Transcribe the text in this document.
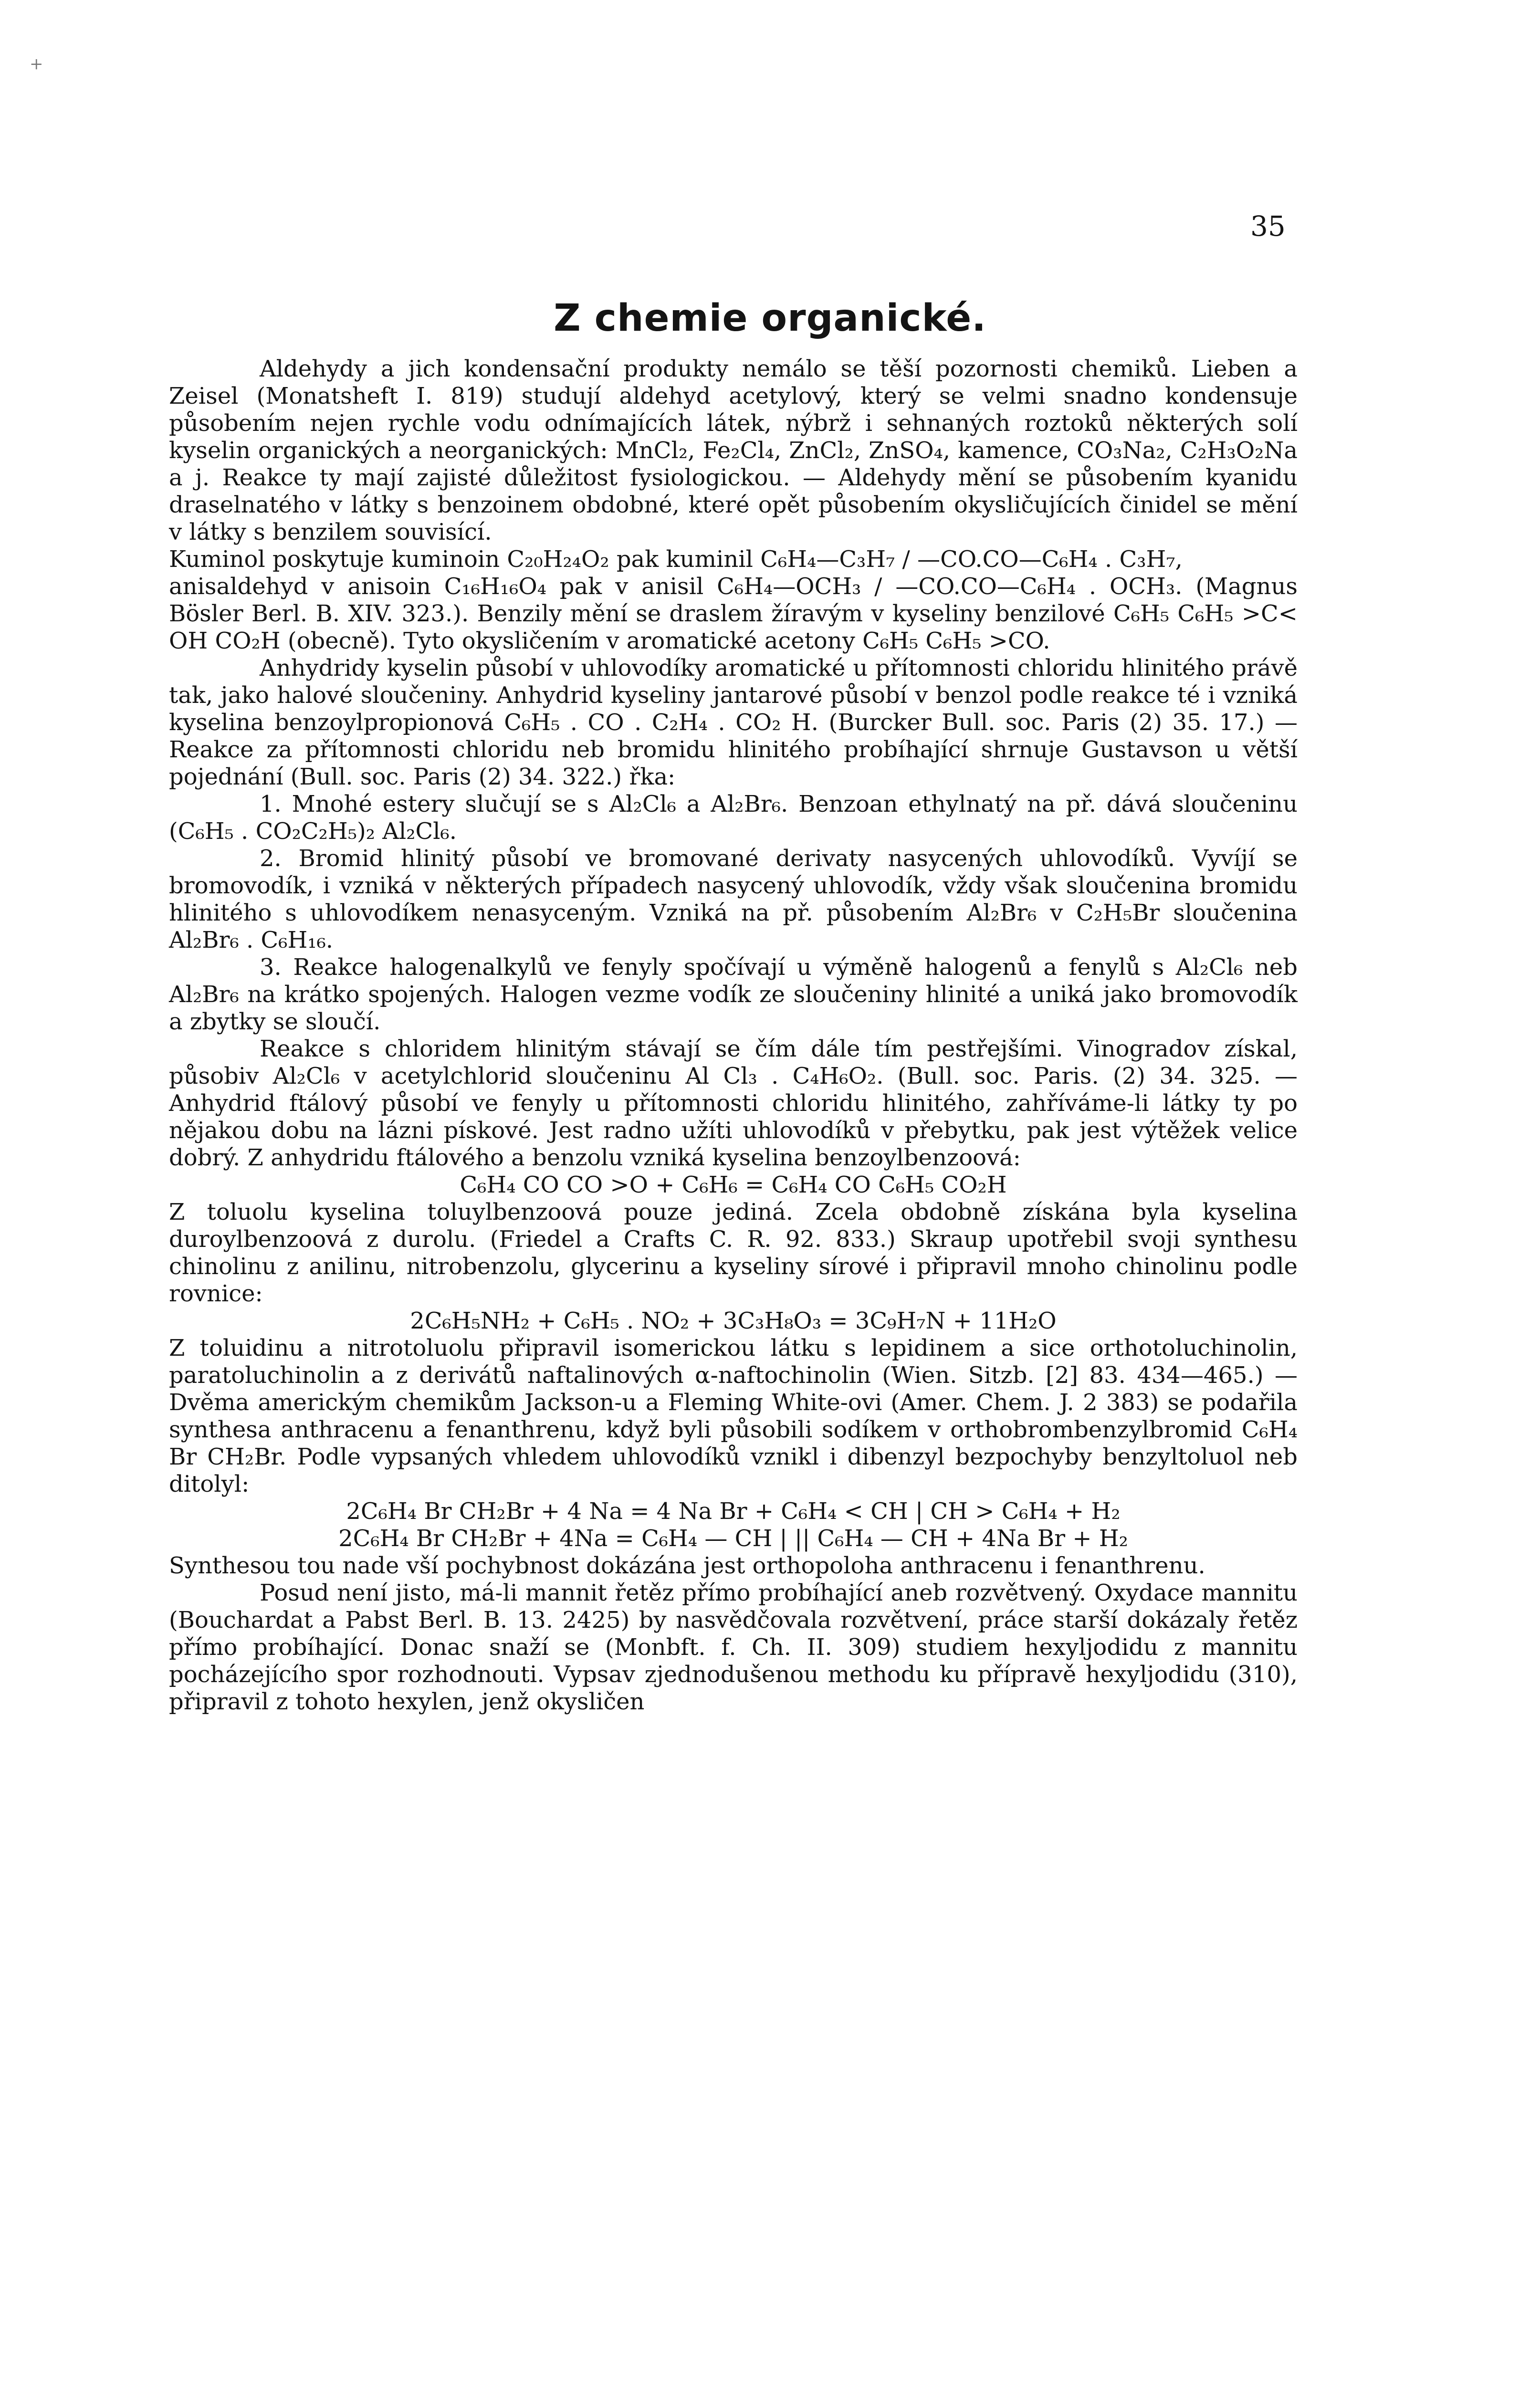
+
35
Z chemie organické.

Aldehydy a jich kondensační produkty nemálo se těší pozornosti chemiků. Lieben a Zeisel (Monatsheft I. 819) studují aldehyd acetylový, který se velmi snadno kondensuje působením nejen rychle vodu odnímajících látek, nýbrž i sehnaných roztoků některých solí kyselin organických a neorganických: MnCl₂, Fe₂Cl₄, ZnCl₂, ZnSO₄, kamence, CO₃Na₂, C₂H₃O₂Na a j. Reakce ty mají zajisté důležitost fysiologickou. — Aldehydy mění se působením kyanidu draselnatého v látky s benzoinem obdobné, které opět působením okysličujících činidel se mění v látky s benzilem souvisící.

Kuminol poskytuje kuminoin C₂₀H₂₄O₂ pak kuminil C₆H₄—C₃H₇ / —CO.CO—C₆H₄ . C₃H₇,

anisaldehyd v anisoin C₁₆H₁₆O₄ pak v anisil C₆H₄—OCH₃ / —CO.CO—C₆H₄ . OCH₃. (Magnus Bösler Berl. B. XIV. 323.). Benzily mění se draslem žíravým v kyseliny benzilové C₆H₅ C₆H₅ >C< OH CO₂H (obecně). Tyto okysličením v aromatické acetony C₆H₅ C₆H₅ >CO.

Anhydridy kyselin působí v uhlovodíky aromatické u přítomnosti chloridu hlinitého právě tak, jako halové sloučeniny. Anhydrid kyseliny jantarové působí v benzol podle reakce té i vzniká kyselina benzoylpropionová C₆H₅ . CO . C₂H₄ . CO₂ H. (Burcker Bull. soc. Paris (2) 35. 17.) — Reakce za přítomnosti chloridu neb bromidu hlinitého probíhající shrnuje Gustavson u větší pojednání (Bull. soc. Paris (2) 34. 322.) řka:

1. Mnohé estery slučují se s Al₂Cl₆ a Al₂Br₆. Benzoan ethylnatý na př. dává sloučeninu (C₆H₅ . CO₂C₂H₅)₂ Al₂Cl₆.

2. Bromid hlinitý působí ve bromované derivaty nasycených uhlovodíků. Vyvíjí se bromovodík, i vzniká v některých případech nasycený uhlovodík, vždy však sloučenina bromidu hlinitého s uhlovodíkem nenasyceným. Vzniká na př. působením Al₂Br₆ v C₂H₅Br sloučenina Al₂Br₆ . C₆H₁₆.

3. Reakce halogenalkylů ve fenyly spočívají u výměně halogenů a fenylů s Al₂Cl₆ neb Al₂Br₆ na krátko spojených. Halogen vezme vodík ze sloučeniny hlinité a uniká jako bromovodík a zbytky se sloučí.

Reakce s chloridem hlinitým stávají se čím dále tím pestřejšími. Vinogradov získal, působiv Al₂Cl₆ v acetylchlorid sloučeninu Al Cl₃ . C₄H₆O₂. (Bull. soc. Paris. (2) 34. 325. — Anhydrid ftálový působí ve fenyly u přítomnosti chloridu hlinitého, zahříváme-li látky ty po nějakou dobu na lázni pískové. Jest radno užíti uhlovodíků v přebytku, pak jest výtěžek velice dobrý. Z anhydridu ftálového a benzolu vzniká kyselina benzoylbenzoová:

C₆H₄ CO CO >O + C₆H₆ = C₆H₄ CO C₆H₅ CO₂H

Z toluolu kyselina toluylbenzoová pouze jediná. Zcela obdobně získána byla kyselina duroylbenzoová z durolu. (Friedel a Crafts C. R. 92. 833.) Skraup upotřebil svoji synthesu chinolinu z anilinu, nitrobenzolu, glycerinu a kyseliny sírové i připravil mnoho chinolinu podle rovnice:

2C₆H₅NH₂ + C₆H₅ . NO₂ + 3C₃H₈O₃ = 3C₉H₇N + 11H₂O

Z toluidinu a nitrotoluolu připravil isomerickou látku s lepidinem a sice orthotoluchinolin, paratoluchinolin a z derivátů naftalinových α-naftochinolin (Wien. Sitzb. [2] 83. 434—465.) — Dvěma americkým chemikům Jackson-u a Fleming White-ovi (Amer. Chem. J. 2 383) se podařila synthesa anthracenu a fenanthrenu, když byli působili sodíkem v orthobrombenzylbromid C₆H₄ Br CH₂Br. Podle vypsaných vhledem uhlovodíků vznikl i dibenzyl bezpochyby benzyltoluol neb ditolyl:

2C₆H₄ Br CH₂Br + 4 Na = 4 Na Br + C₆H₄ < CH | CH > C₆H₄ + H₂

2C₆H₄ Br CH₂Br + 4Na = C₆H₄ — CH | || C₆H₄ — CH + 4Na Br + H₂

Synthesou tou nade vší pochybnost dokázána jest orthopoloha anthracenu i fenanthrenu.

Posud není jisto, má-li mannit řetěz přímo probíhající aneb rozvětvený. Oxydace mannitu (Bouchardat a Pabst Berl. B. 13. 2425) by nasvědčovala rozvětvení, práce starší dokázaly řetěz přímo probíhající. Donac snaží se (Monbft. f. Ch. II. 309) studiem hexyljodidu z mannitu pocházejícího spor rozhodnouti. Vypsav zjednodušenou methodu ku přípravě hexyljodidu (310), připravil z tohoto hexylen, jenž okysličen
